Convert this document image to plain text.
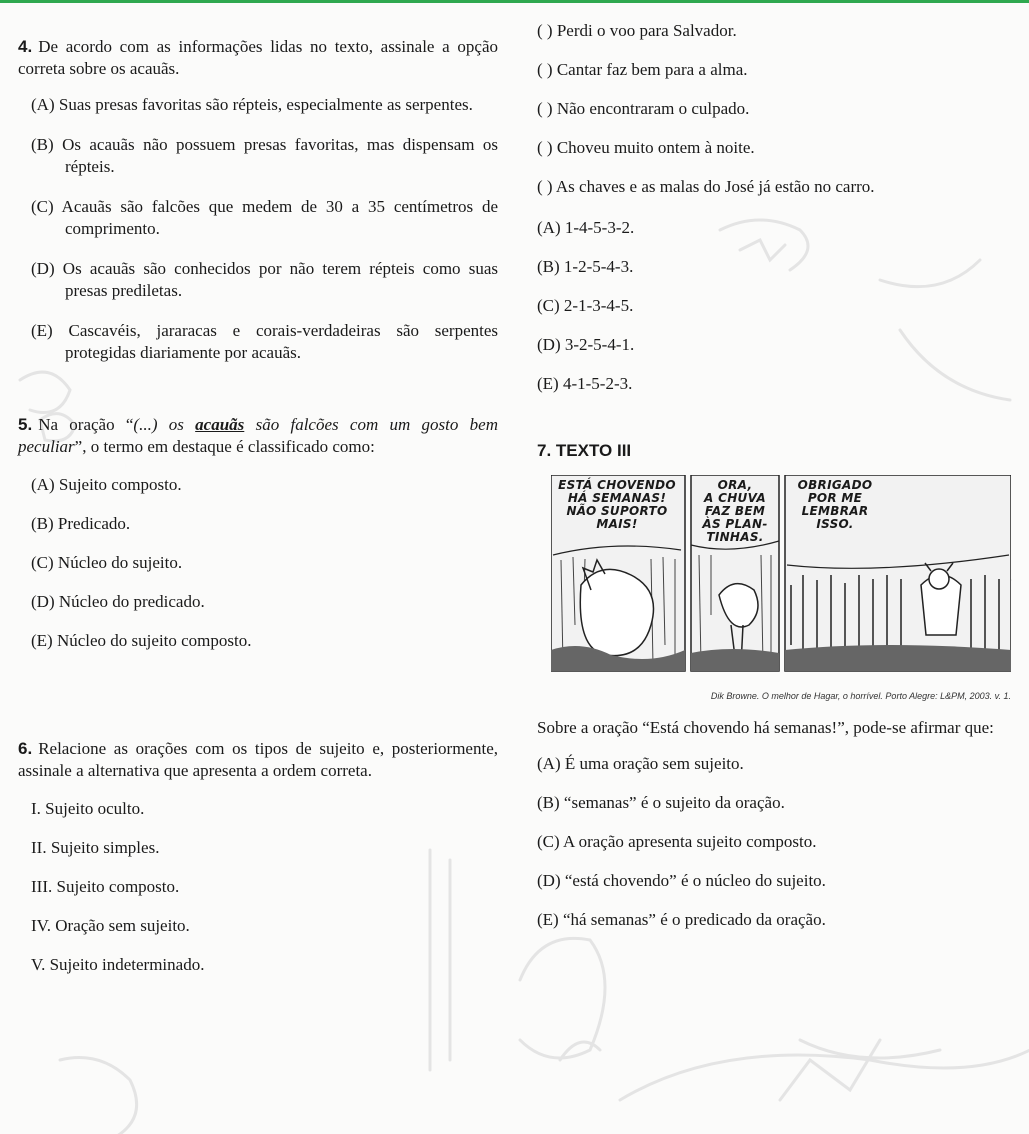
4. De acordo com as informações lidas no texto, assinale a opção correta sobre os acauãs.

(A) Suas presas favoritas são répteis, especialmente as serpentes.

(B) Os acauãs não possuem presas favoritas, mas dispensam os répteis.

(C) Acauãs são falcões que medem de 30 a 35 centímetros de comprimento.

(D) Os acauãs são conhecidos por não terem répteis como suas presas prediletas.

(E) Cascavéis, jararacas e corais-verdadeiras são serpentes protegidas diariamente por acauãs.

5. Na oração “(...) os acauãs são falcões com um gosto bem peculiar”, o termo em destaque é classificado como:

(A) Sujeito composto.

(B) Predicado.

(C) Núcleo do sujeito.

(D) Núcleo do predicado.

(E) Núcleo do sujeito composto.

6. Relacione as orações com os tipos de sujeito e, posteriormente, assinale a alternativa que apresenta a ordem correta.

I. Sujeito oculto.

II. Sujeito simples.

III. Sujeito composto.

IV. Oração sem sujeito.

V. Sujeito indeterminado.

( ) Perdi o voo para Salvador.

( ) Cantar faz bem para a alma.

( ) Não encontraram o culpado.

( ) Choveu muito ontem à noite.

( ) As chaves e as malas do José já estão no carro.

(A) 1-4-5-3-2.

(B) 1-2-5-4-3.

(C) 2-1-3-4-5.

(D) 3-2-5-4-1.

(E) 4-1-5-2-3.

7. TEXTO III

ESTÁ CHOVENDO
HÁ SEMANAS!
NÃO SUPORTO
MAIS!
ORA,
A CHUVA
FAZ BEM
ÀS PLAN-
TINHAS.
OBRIGADO
POR ME
LEMBRAR
ISSO.
Dik Browne. O melhor de Hagar, o horrível. Porto Alegre: L&PM, 2003. v. 1.

Sobre a oração “Está chovendo há semanas!”, pode-se afirmar que:

(A) É uma oração sem sujeito.

(B) “semanas” é o sujeito da oração.

(C) A oração apresenta sujeito composto.

(D) “está chovendo” é o núcleo do sujeito.

(E) “há semanas” é o predicado da oração.
